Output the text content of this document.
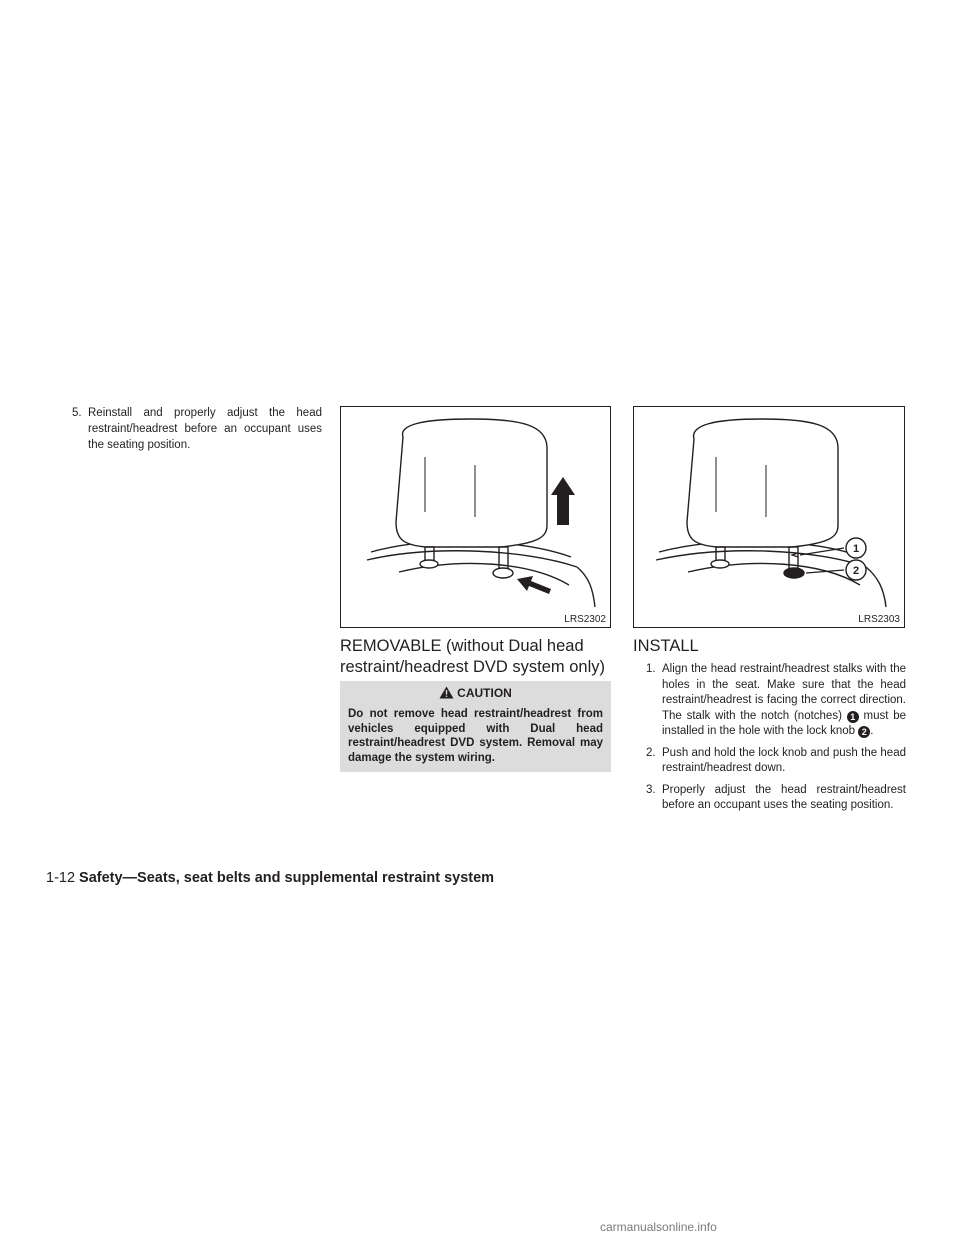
5. Reinstall and properly adjust the head restraint/headrest before an occupant uses the seating position.
LRS2302
1
2
LRS2303
REMOVABLE (without Dual head restraint/headrest DVD system only)
CAUTION
Do not remove head restraint/headrest from vehicles equipped with Dual head restraint/headrest DVD system. Removal may damage the system wiring.
INSTALL
1. Align the head restraint/headrest stalks with the holes in the seat. Make sure that the head restraint/headrest is facing the correct direction. The stalk with the notch (notches) 1 must be installed in the hole with the lock knob 2 .
2. Push and hold the lock knob and push the head restraint/headrest down.
3. Properly adjust the head restraint/headrest before an occupant uses the seating position.
1-12 Safety—Seats, seat belts and supplemental restraint system
carmanualsonline.info
